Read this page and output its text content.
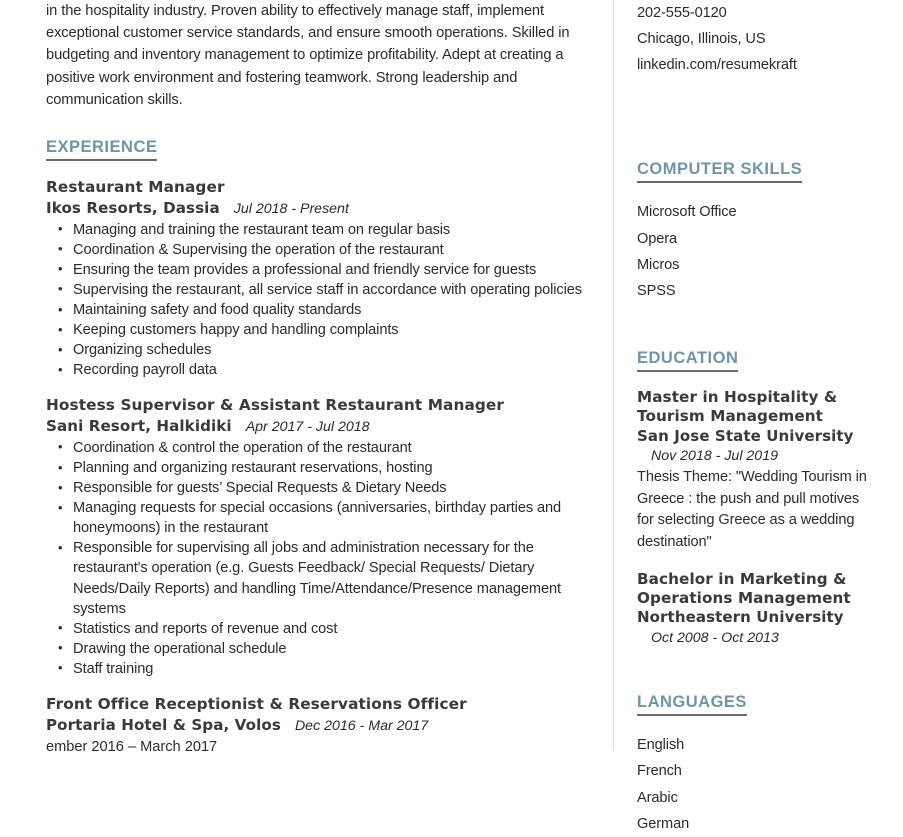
in the hospitality industry. Proven ability to effectively manage staff, implement exceptional customer service standards, and ensure smooth operations. Skilled in budgeting and inventory management to optimize profitability. Adept at creating a positive work environment and fostering teamwork. Strong leadership and communication skills.

EXPERIENCE
Restaurant Manager
Ikos Resorts, Dassia Jul 2018 - Present
• Managing and training the restaurant team on regular basis
• Coordination & Supervising the operation of the restaurant
• Ensuring the team provides a professional and friendly service for guests
• Supervising the restaurant, all service staff in accordance with operating policies
• Maintaining safety and food quality standards
• Keeping customers happy and handling complaints
• Organizing schedules
• Recording payroll data
Hostess Supervisor & Assistant Restaurant Manager
Sani Resort, Halkidiki Apr 2017 - Jul 2018
• Coordination & control the operation of the restaurant
• Planning and organizing restaurant reservations, hosting
• Responsible for guests’ Special Requests & Dietary Needs
• Managing requests for special occasions (anniversaries, birthday parties and honeymoons) in the restaurant
• Responsible for supervising all jobs and administration necessary for the restaurant's operation (e.g. Guests Feedback/ Special Requests/ Dietary Needs/Daily Reports) and handling Time/Attendance/Presence management systems
• Statistics and reports of revenue and cost
• Drawing the operational schedule
• Staff training
Front Office Receptionist & Reservations Officer
Portaria Hotel & Spa, Volos Dec 2016 - Mar 2017
ember 2016 – March 2017

202-555-0120

Chicago, Illinois, US

linkedin.com/resumekraft

COMPUTER SKILLS
Microsoft Office
Opera
Micros
SPSS
EDUCATION
Master in Hospitality &
Tourism Management
San Jose State University
Nov 2018 - Jul 2019
Thesis Theme: "Wedding Tourism in Greece : the push and pull motives for selecting Greece as a wedding destination"
Bachelor in Marketing &
Operations Management
Northeastern University
Oct 2008 - Oct 2013
LANGUAGES
English
French
Arabic
German
